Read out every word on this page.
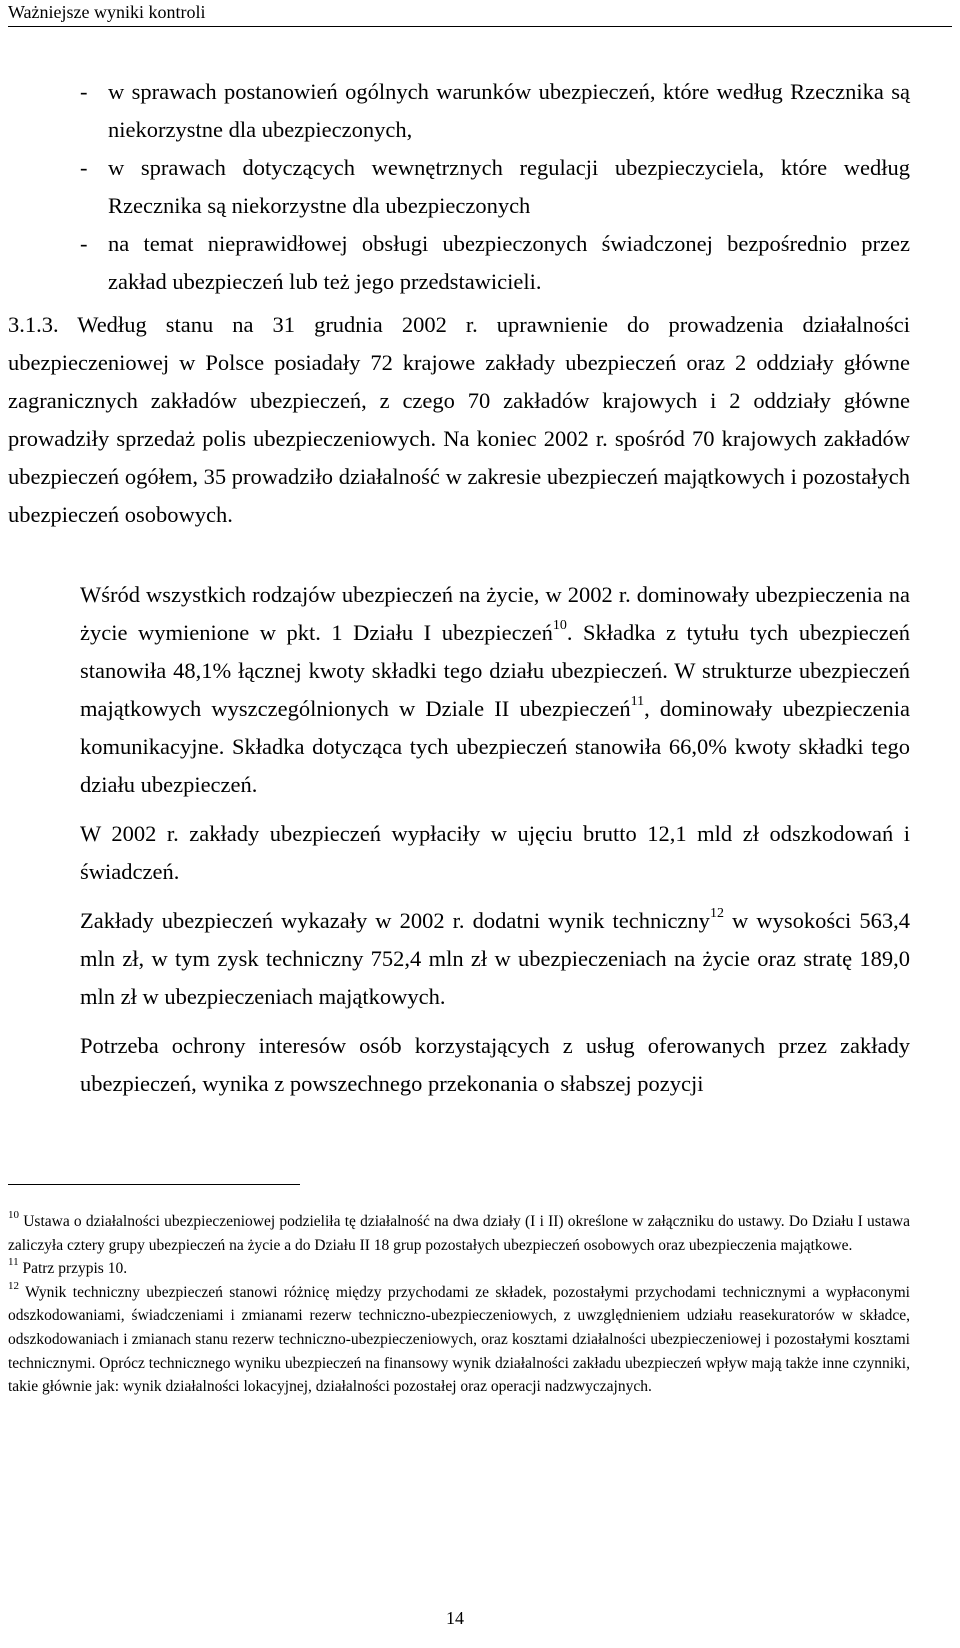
Ważniejsze wyniki kontroli
- w sprawach postanowień ogólnych warunków ubezpieczeń, które według Rzecznika są niekorzystne dla ubezpieczonych,
- w sprawach dotyczących wewnętrznych regulacji ubezpieczyciela, które według Rzecznika są niekorzystne dla ubezpieczonych
- na temat nieprawidłowej obsługi ubezpieczonych świadczonej bezpośrednio przez zakład ubezpieczeń lub też jego przedstawicieli.

3.1.3. Według stanu na 31 grudnia 2002 r. uprawnienie do prowadzenia działalności ubezpieczeniowej w Polsce posiadały 72 krajowe zakłady ubezpieczeń oraz 2 oddziały główne zagranicznych zakładów ubezpieczeń, z czego 70 zakładów krajowych i 2 oddziały główne prowadziły sprzedaż polis ubezpieczeniowych. Na koniec 2002 r. spośród 70 krajowych zakładów ubezpieczeń ogółem, 35 prowadziło działalność w zakresie ubezpieczeń majątkowych i pozostałych ubezpieczeń osobowych.

Wśród wszystkich rodzajów ubezpieczeń na życie, w 2002 r. dominowały ubezpieczenia na życie wymienione w pkt. 1 Działu I ubezpieczeń$^{10}$. Składka z tytułu tych ubezpieczeń stanowiła 48,1% łącznej kwoty składki tego działu ubezpieczeń. W strukturze ubezpieczeń majątkowych wyszczególnionych w Dziale II ubezpieczeń$^{11}$, dominowały ubezpieczenia komunikacyjne. Składka dotycząca tych ubezpieczeń stanowiła 66,0% kwoty składki tego działu ubezpieczeń.

W 2002 r. zakłady ubezpieczeń wypłaciły w ujęciu brutto 12,1 mld zł odszkodowań i świadczeń.

Zakłady ubezpieczeń wykazały w 2002 r. dodatni wynik techniczny$^{12}$ w wysokości 563,4 mln zł, w tym zysk techniczny 752,4 mln zł w ubezpieczeniach na życie oraz stratę 189,0 mln zł w ubezpieczeniach majątkowych.

Potrzeba ochrony interesów osób korzystających z usług oferowanych przez zakłady ubezpieczeń, wynika z powszechnego przekonania o słabszej pozycji

$^{10}$ Ustawa o działalności ubezpieczeniowej podzieliła tę działalność na dwa działy (I i II) określone w załączniku do ustawy. Do Działu I ustawa zaliczyła cztery grupy ubezpieczeń na życie a do Działu II 18 grup pozostałych ubezpieczeń osobowych oraz ubezpieczenia majątkowe.

$^{11}$ Patrz przypis 10.

$^{12}$ Wynik techniczny ubezpieczeń stanowi różnicę między przychodami ze składek, pozostałymi przychodami technicznymi a wypłaconymi odszkodowaniami, świadczeniami i zmianami rezerw techniczno-ubezpieczeniowych, z uwzględnieniem udziału reasekuratorów w składce, odszkodowaniach i zmianach stanu rezerw techniczno-ubezpieczeniowych, oraz kosztami działalności ubezpieczeniowej i pozostałymi kosztami technicznymi. Oprócz technicznego wyniku ubezpieczeń na finansowy wynik działalności zakładu ubezpieczeń wpływ mają także inne czynniki, takie głównie jak: wynik działalności lokacyjnej, działalności pozostałej oraz operacji nadzwyczajnych.

14
